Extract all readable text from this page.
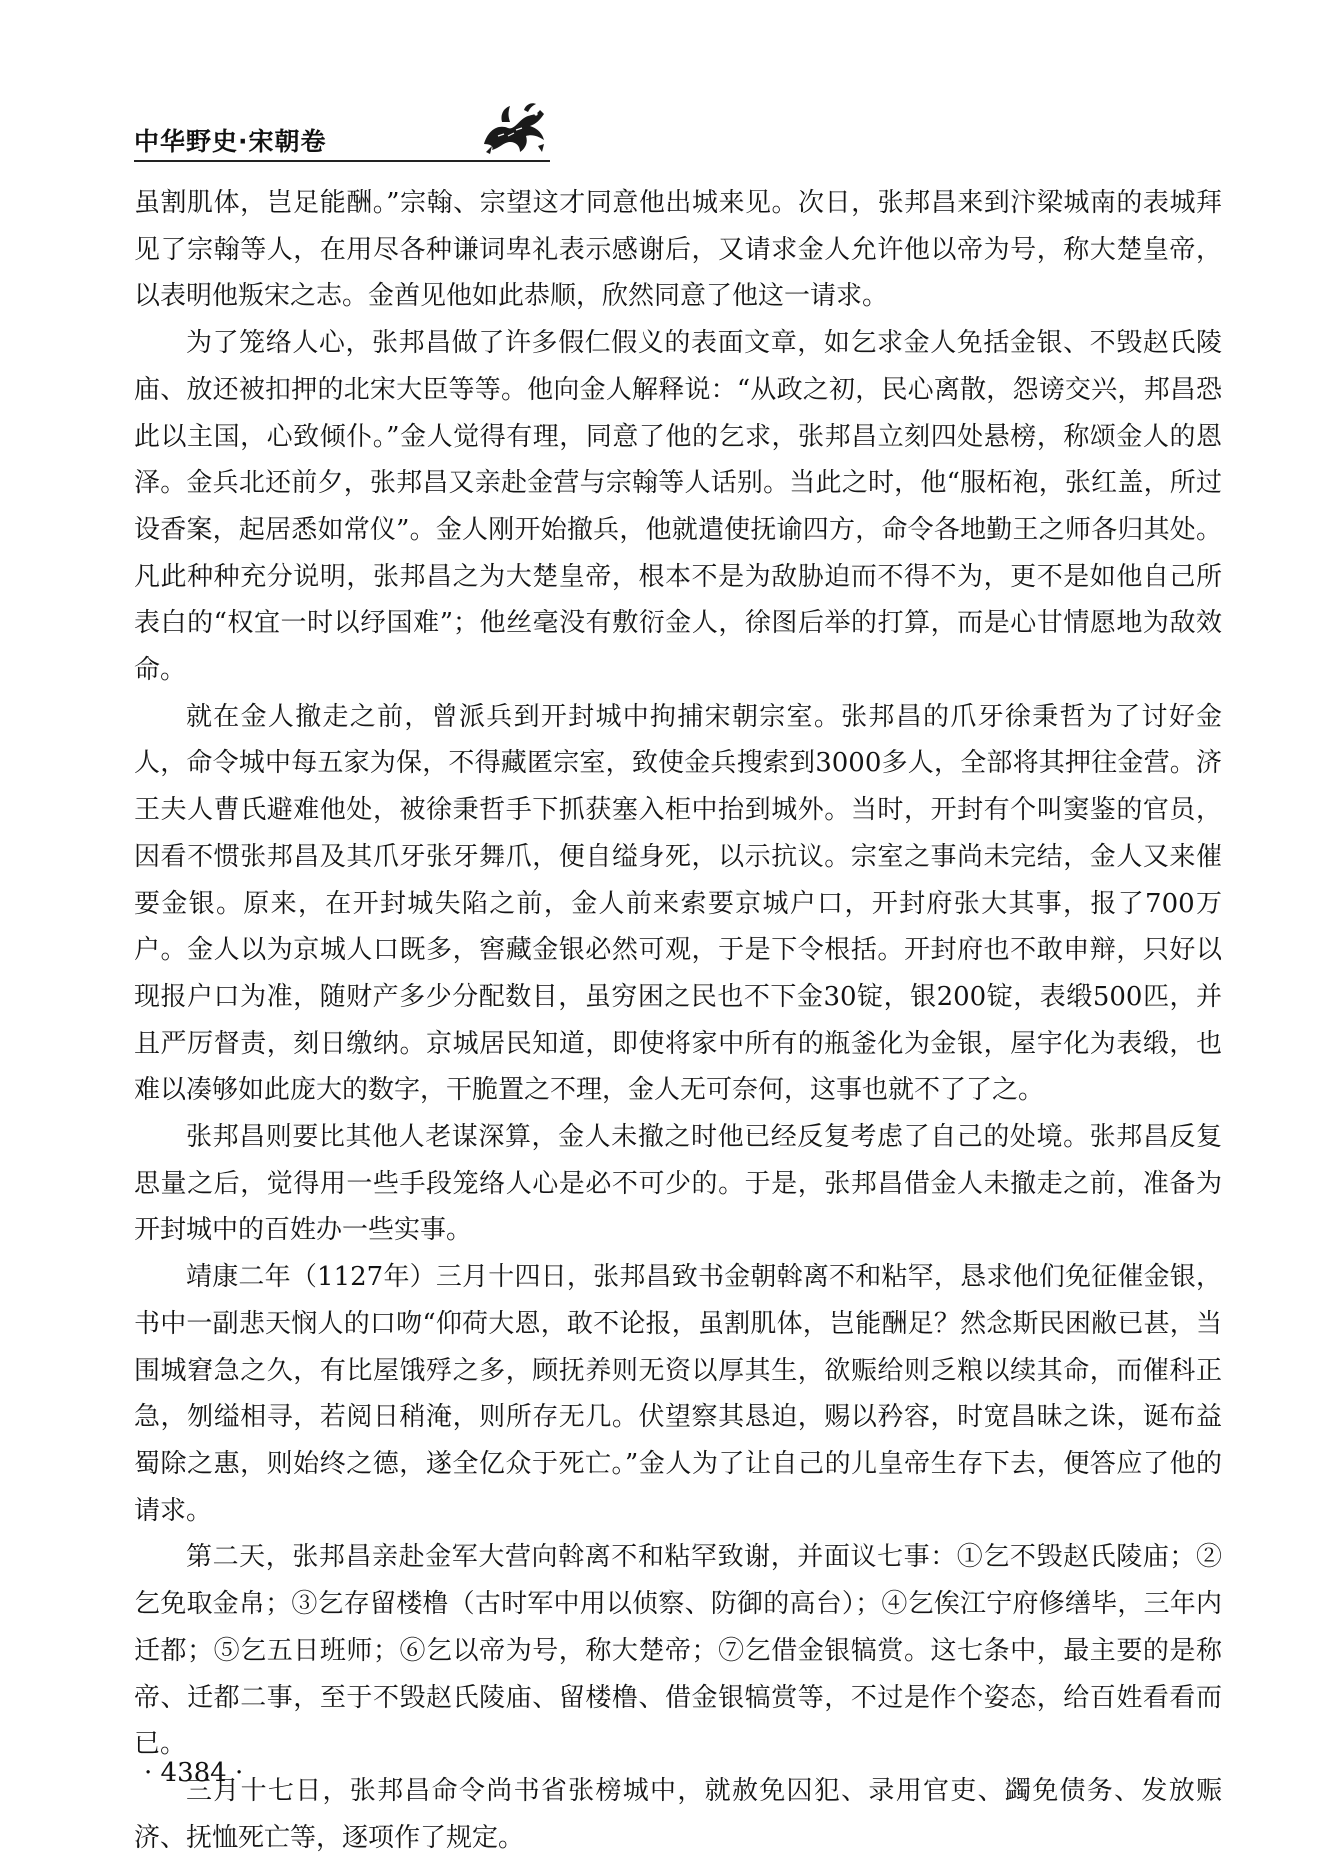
中华野史·宋朝卷

虽割肌体，岂足能酬。”宗翰、宗望这才同意他出城来见。次日，张邦昌来到汴梁城南的表城拜见了宗翰等人，在用尽各种谦词卑礼表示感谢后，又请求金人允许他以帝为号，称大楚皇帝，以表明他叛宋之志。金酋见他如此恭顺，欣然同意了他这一请求。

为了笼络人心，张邦昌做了许多假仁假义的表面文章，如乞求金人免括金银、不毁赵氏陵庙、放还被扣押的北宋大臣等等。他向金人解释说：“从政之初，民心离散，怨谤交兴，邦昌恐此以主国，心致倾仆。”金人觉得有理，同意了他的乞求，张邦昌立刻四处悬榜，称颂金人的恩泽。金兵北还前夕，张邦昌又亲赴金营与宗翰等人话别。当此之时，他“服柘袍，张红盖，所过设香案，起居悉如常仪”。金人刚开始撤兵，他就遣使抚谕四方，命令各地勤王之师各归其处。凡此种种充分说明，张邦昌之为大楚皇帝，根本不是为敌胁迫而不得不为，更不是如他自己所表白的“权宜一时以纾国难”；他丝毫没有敷衍金人，徐图后举的打算，而是心甘情愿地为敌效命。

就在金人撤走之前，曾派兵到开封城中拘捕宋朝宗室。张邦昌的爪牙徐秉哲为了讨好金人，命令城中每五家为保，不得藏匿宗室，致使金兵搜索到3000多人，全部将其押往金营。济王夫人曹氏避难他处，被徐秉哲手下抓获塞入柜中抬到城外。当时，开封有个叫窦鉴的官员，因看不惯张邦昌及其爪牙张牙舞爪，便自缢身死，以示抗议。宗室之事尚未完结，金人又来催要金银。原来，在开封城失陷之前，金人前来索要京城户口，开封府张大其事，报了700万户。金人以为京城人口既多，窖藏金银必然可观，于是下令根括。开封府也不敢申辩，只好以现报户口为准，随财产多少分配数目，虽穷困之民也不下金30锭，银200锭，表缎500匹，并且严厉督责，刻日缴纳。京城居民知道，即使将家中所有的瓶釜化为金银，屋宇化为表缎，也难以凑够如此庞大的数字，干脆置之不理，金人无可奈何，这事也就不了了之。

张邦昌则要比其他人老谋深算，金人未撤之时他已经反复考虑了自己的处境。张邦昌反复思量之后，觉得用一些手段笼络人心是必不可少的。于是，张邦昌借金人未撤走之前，准备为开封城中的百姓办一些实事。

靖康二年（1127年）三月十四日，张邦昌致书金朝斡离不和粘罕，恳求他们免征催金银，书中一副悲天悯人的口吻“仰荷大恩，敢不论报，虽割肌体，岂能酬足？然念斯民困敝已甚，当围城窘急之久，有比屋饿殍之多，顾抚养则无资以厚其生，欲赈给则乏粮以续其命，而催科正急，刎缢相寻，若阅日稍淹，则所存无几。伏望察其恳迫，赐以矜容，时宽昌昧之诛，诞布益蜀除之惠，则始终之德，遂全亿众于死亡。”金人为了让自己的儿皇帝生存下去，便答应了他的请求。

第二天，张邦昌亲赴金军大营向斡离不和粘罕致谢，并面议七事：①乞不毁赵氏陵庙；②乞免取金帛；③乞存留楼橹（古时军中用以侦察、防御的高台）；④乞俟江宁府修缮毕，三年内迁都；⑤乞五日班师；⑥乞以帝为号，称大楚帝；⑦乞借金银犒赏。这七条中，最主要的是称帝、迁都二事，至于不毁赵氏陵庙、留楼橹、借金银犒赏等，不过是作个姿态，给百姓看看而已。

三月十七日，张邦昌命令尚书省张榜城中，就赦免囚犯、录用官吏、蠲免债务、发放赈济、抚恤死亡等，逐项作了规定。

· 4384 ·
